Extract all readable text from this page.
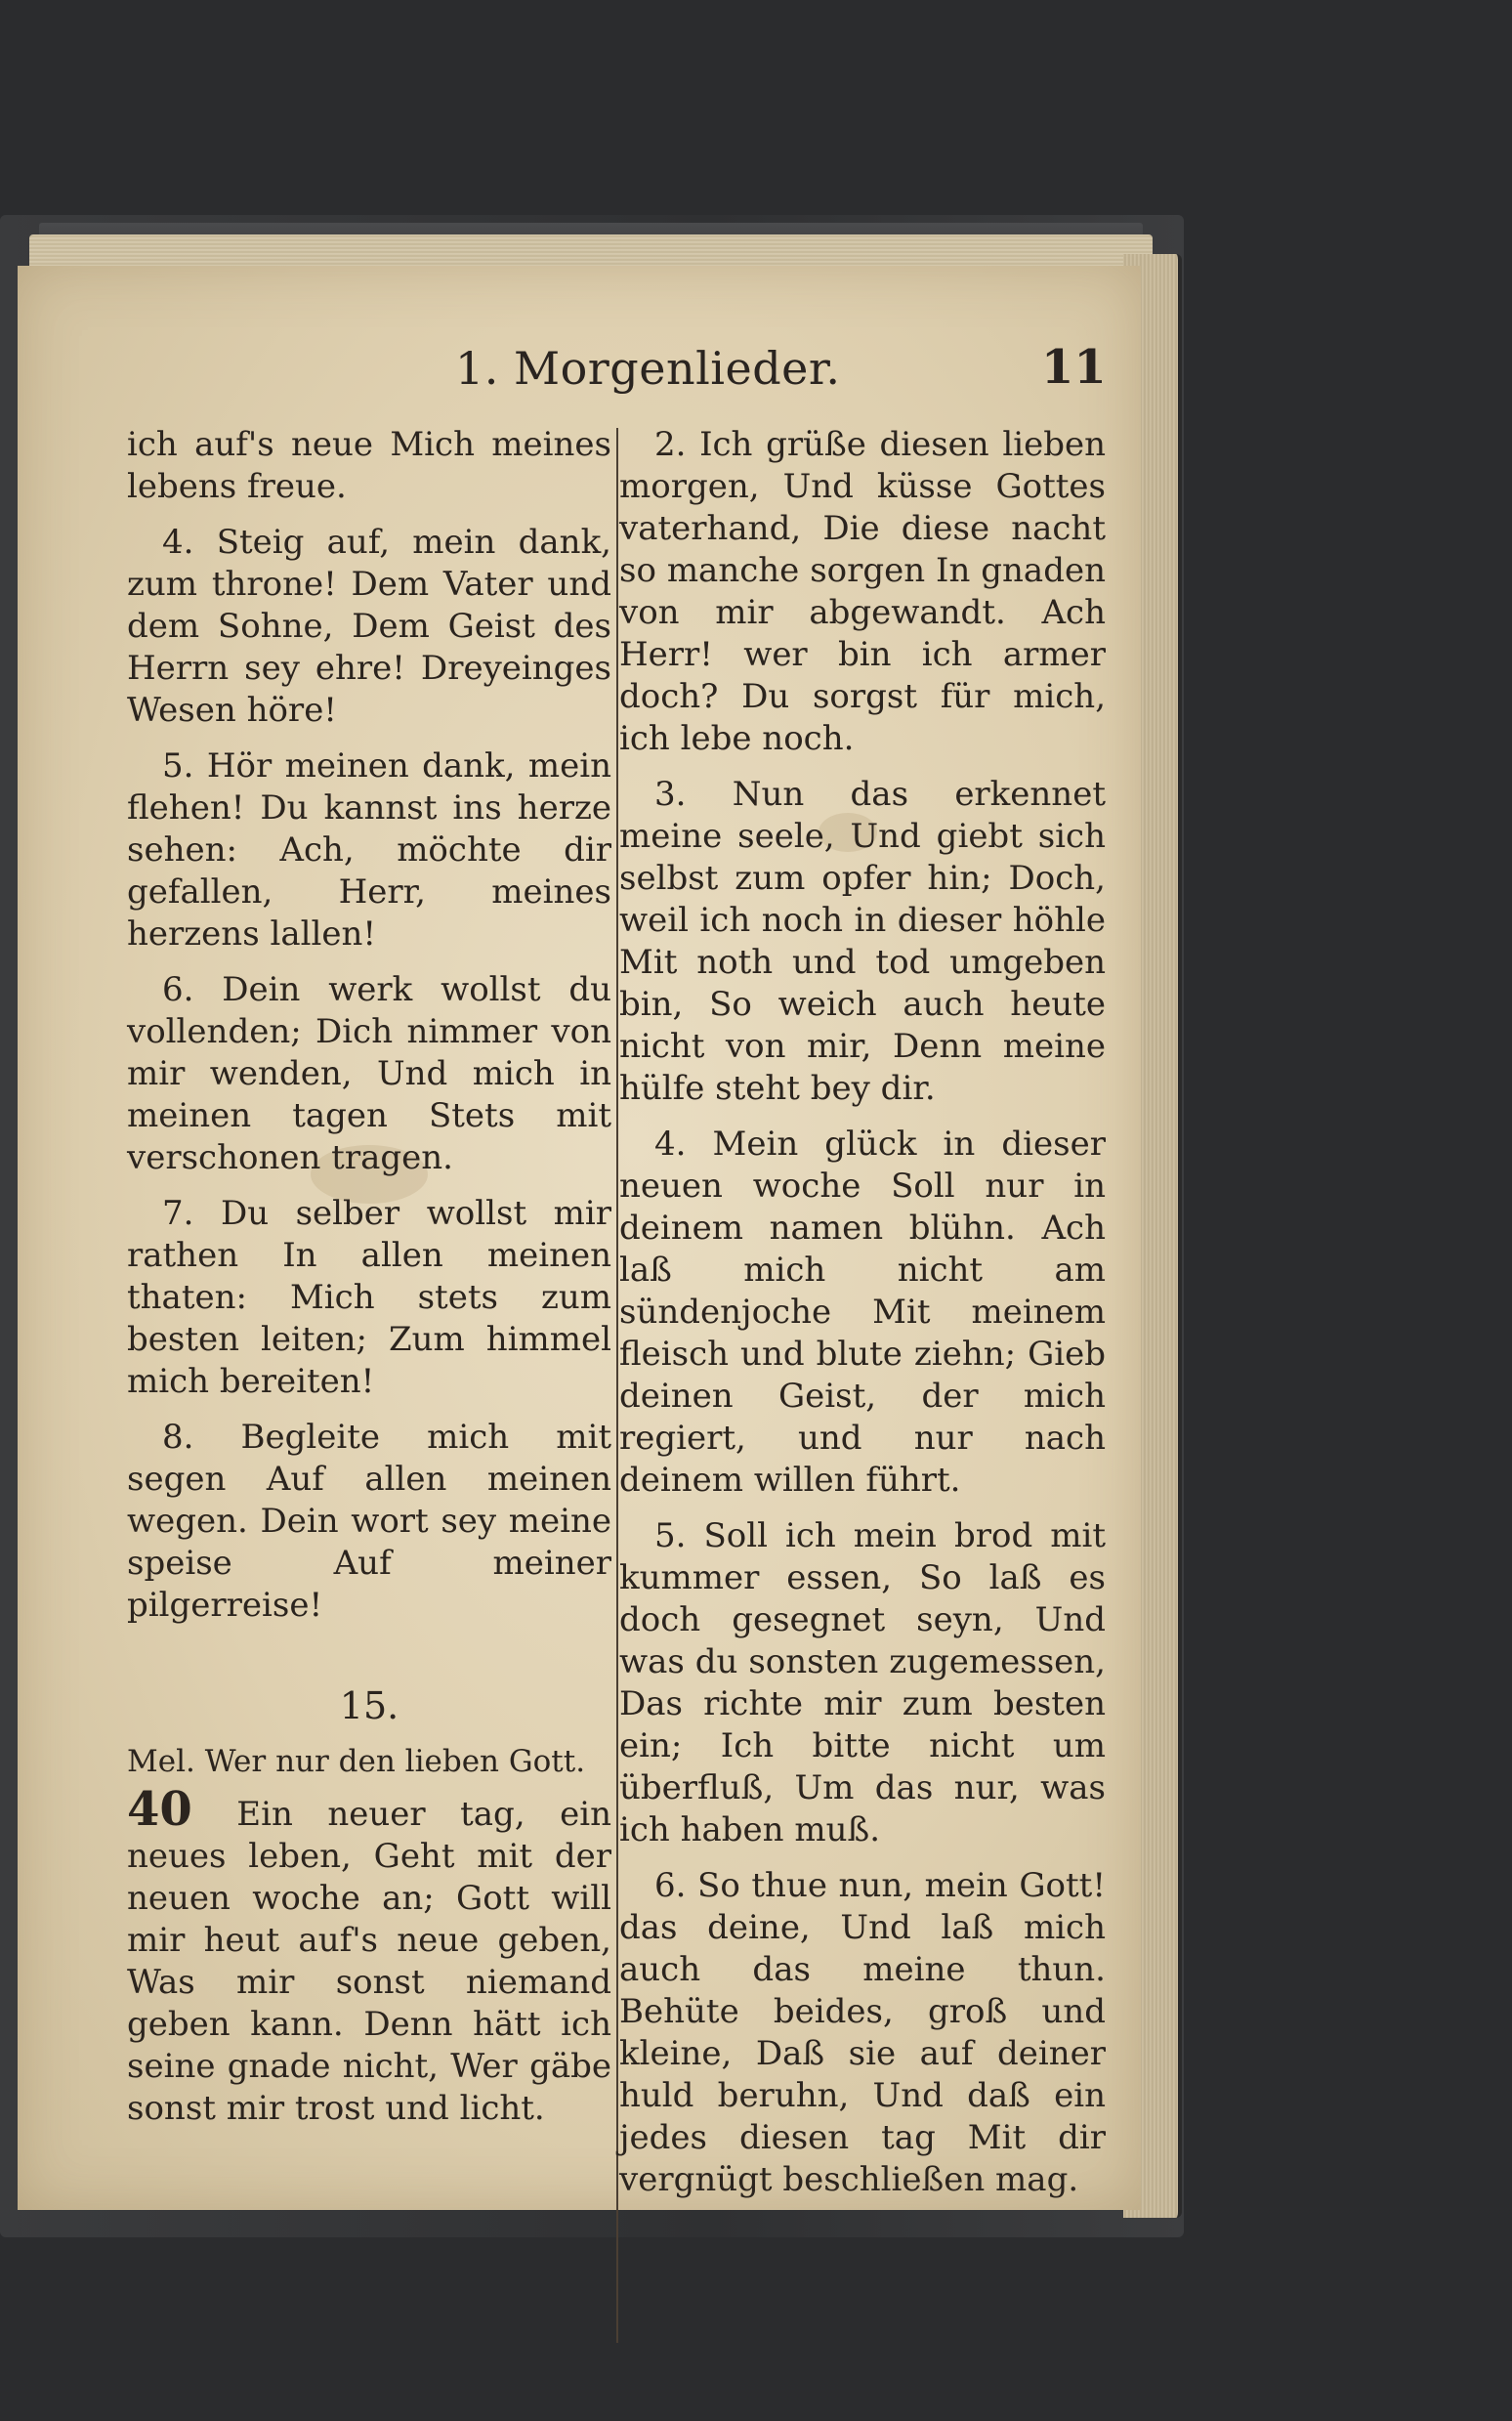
1. Morgenlieder.	11

ich auf's neue Mich meines lebens freue.

4. Steig auf, mein dank, zum throne! Dem Vater und dem Sohne, Dem Geist des Herrn sey ehre! Dreyeinges Wesen höre!

5. Hör meinen dank, mein flehen! Du kannst ins herze sehen: Ach, möchte dir gefallen, Herr, meines herzens lallen!

6. Dein werk wollst du vollenden; Dich nimmer von mir wenden, Und mich in meinen tagen Stets mit verschonen tragen.

7. Du selber wollst mir rathen In allen meinen thaten: Mich stets zum besten leiten; Zum himmel mich bereiten!

8. Begleite mich mit segen Auf allen meinen wegen. Dein wort sey meine speise Auf meiner pilgerreise!

15.
Mel. Wer nur den lieben Gott.

40 Ein neuer tag, ein neues leben, Geht mit der neuen woche an; Gott will mir heut auf's neue geben, Was mir sonst niemand geben kann. Denn hätt ich seine gnade nicht, Wer gäbe sonst mir trost und licht.

2. Ich grüße diesen lieben morgen, Und küsse Gottes vaterhand, Die diese nacht so manche sorgen In gnaden von mir abgewandt. Ach Herr! wer bin ich armer doch? Du sorgst für mich, ich lebe noch.

3. Nun das erkennet meine seele, Und giebt sich selbst zum opfer hin; Doch, weil ich noch in dieser höhle Mit noth und tod umgeben bin, So weich auch heute nicht von mir, Denn meine hülfe steht bey dir.

4. Mein glück in dieser neuen woche Soll nur in deinem namen blühn. Ach laß mich nicht am sündenjoche Mit meinem fleisch und blute ziehn; Gieb deinen Geist, der mich regiert, und nur nach deinem willen führt.

5. Soll ich mein brod mit kummer essen, So laß es doch gesegnet seyn, Und was du sonsten zugemessen, Das richte mir zum besten ein; Ich bitte nicht um überfluß, Um das nur, was ich haben muß.

6. So thue nun, mein Gott! das deine, Und laß mich auch das meine thun. Behüte beides, groß und kleine, Daß sie auf deiner huld beruhn, Und daß ein jedes diesen tag Mit dir vergnügt beschließen mag.
